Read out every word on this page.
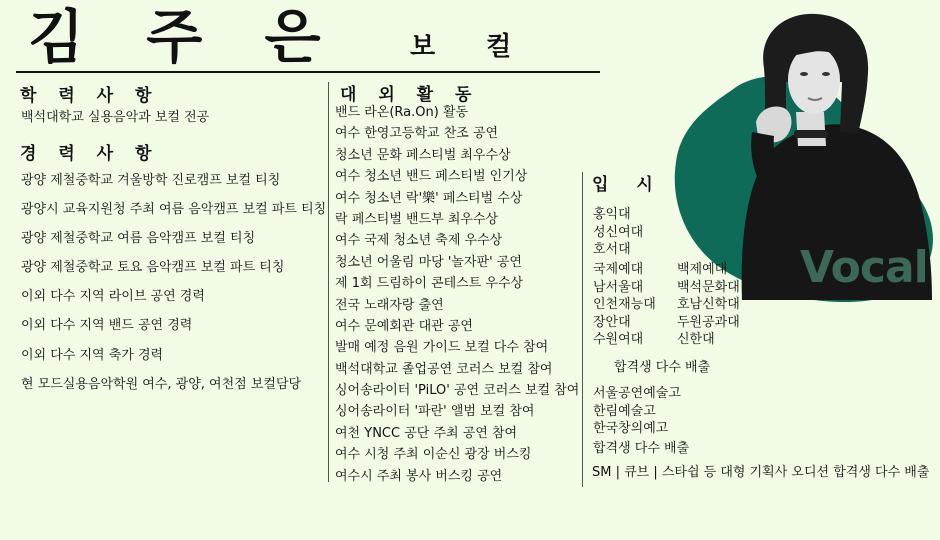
김 주 은	보 컬
학 력 사 항
백석대학교 실용음악과 보컬 전공
경 력 사 항
광양 제철중학교 겨울방학 진로캠프 보컬 티칭
광양시 교육지원청 주최 여름 음악캠프 보컬 파트 티칭
광양 제철중학교 여름 음악캠프 보컬 티칭
광양 제철중학교 토요 음악캠프 보컬 파트 티칭
이외 다수 지역 라이브 공연 경력
이외 다수 지역 밴드 공연 경력
이외 다수 지역 축가 경력
현 모드실용음악학원 여수, 광양, 여천점 보컬담당
대 외 활 동
밴드 라온(Ra.On) 활동
여수 한영고등학교 찬조 공연
청소년 문화 페스티벌 최우수상
여수 청소년 밴드 페스티벌 인기상
여수 청소년 락'樂' 페스티벌 수상
락 페스티벌 밴드부 최우수상
여수 국제 청소년 축제 우수상
청소년 어울림 마당 '놀자판' 공연
제 1회 드림하이 콘테스트 우수상
전국 노래자랑 출연
여수 문예회관 대관 공연
발매 예정 음원 가이드 보컬 다수 참여
백석대학교 졸업공연 코러스 보컬 참여
싱어송라이터 'PiLO' 공연 코러스 보컬 참여
싱어송라이터 '파란' 앨범 보컬 참여
여천 YNCC 공단 주최 공연 참여
여수 시청 주최 이순신 광장 버스킹
여수시 주최 봉사 버스킹 공연
Vocal
입 시
홍익대
성신여대
호서대
국제예대	백제예대
남서울대	백석문화대
인천재능대	호남신학대
장안대	두원공과대
수원여대	신한대
합격생 다수 배출
서울공연예술고
한림예술고
한국창의예고
합격생 다수 배출
SM | 큐브 | 스타쉽 등 대형 기획사 오디션 합격생 다수 배출
